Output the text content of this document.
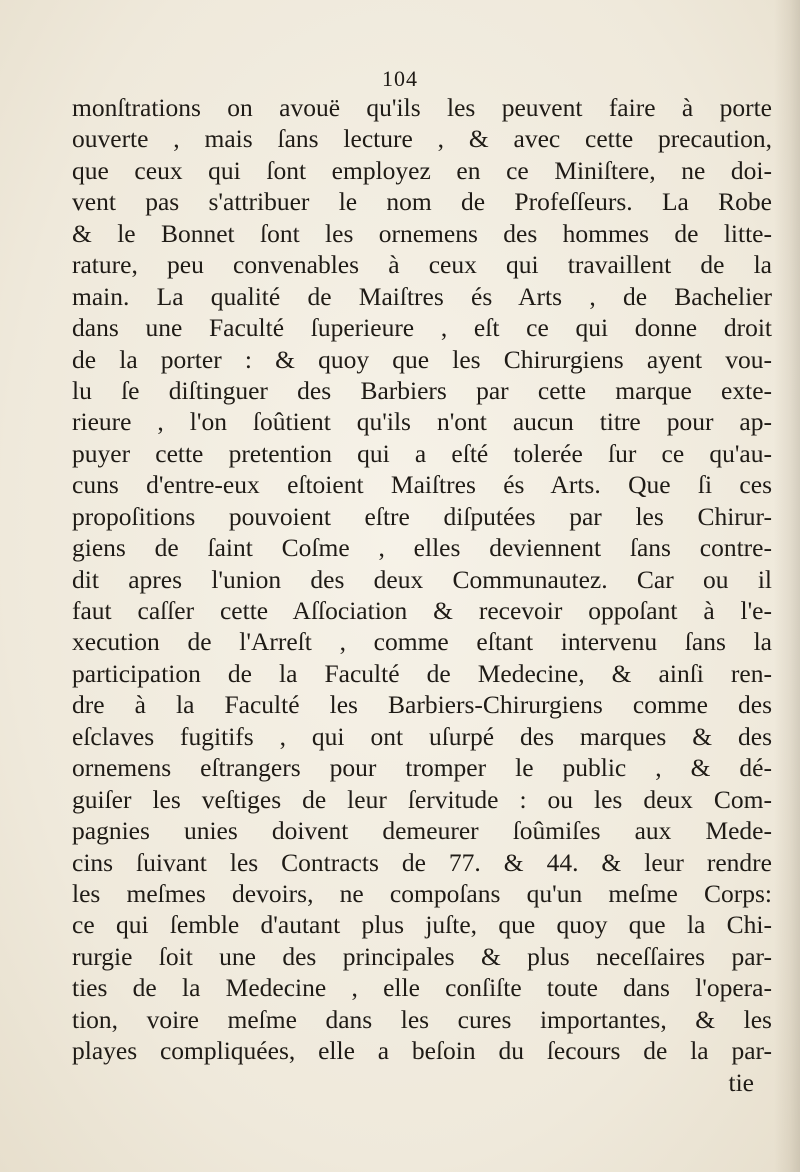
104
monſtrations on avouë qu'ils les peuvent faire à porte
ouverte , mais ſans lecture , & avec cette precaution,
que ceux qui ſont employez en ce Miniſtere, ne doi-
vent pas s'attribuer le nom de Profeſſeurs. La Robe
& le Bonnet ſont les ornemens des hommes de litte-
rature, peu convenables à ceux qui travaillent de la
main. La qualité de Maiſtres és Arts , de Bachelier
dans une Faculté ſuperieure , eſt ce qui donne droit
de la porter : & quoy que les Chirurgiens ayent vou-
lu ſe diſtinguer des Barbiers par cette marque exte-
rieure , l'on ſoûtient qu'ils n'ont aucun titre pour ap-
puyer cette pretention qui a eſté tolerée ſur ce qu'au-
cuns d'entre-eux eſtoient Maiſtres és Arts. Que ſi ces
propoſitions pouvoient eſtre diſputées par les Chirur-
giens de ſaint Coſme , elles deviennent ſans contre-
dit apres l'union des deux Communautez. Car ou il
faut caſſer cette Aſſociation & recevoir oppoſant à l'e-
xecution de l'Arreſt , comme eſtant intervenu ſans la
participation de la Faculté de Medecine, & ainſi ren-
dre à la Faculté les Barbiers-Chirurgiens comme des
eſclaves fugitifs , qui ont uſurpé des marques & des
ornemens eſtrangers pour tromper le public , & dé-
guiſer les veſtiges de leur ſervitude : ou les deux Com-
pagnies unies doivent demeurer ſoûmiſes aux Mede-
cins ſuivant les Contracts de 77. & 44. & leur rendre
les meſmes devoirs, ne compoſans qu'un meſme Corps:
ce qui ſemble d'autant plus juſte, que quoy que la Chi-
rurgie ſoit une des principales & plus neceſſaires par-
ties de la Medecine , elle conſiſte toute dans l'opera-
tion, voire meſme dans les cures importantes, & les
playes compliquées, elle a beſoin du ſecours de la par-
tie
